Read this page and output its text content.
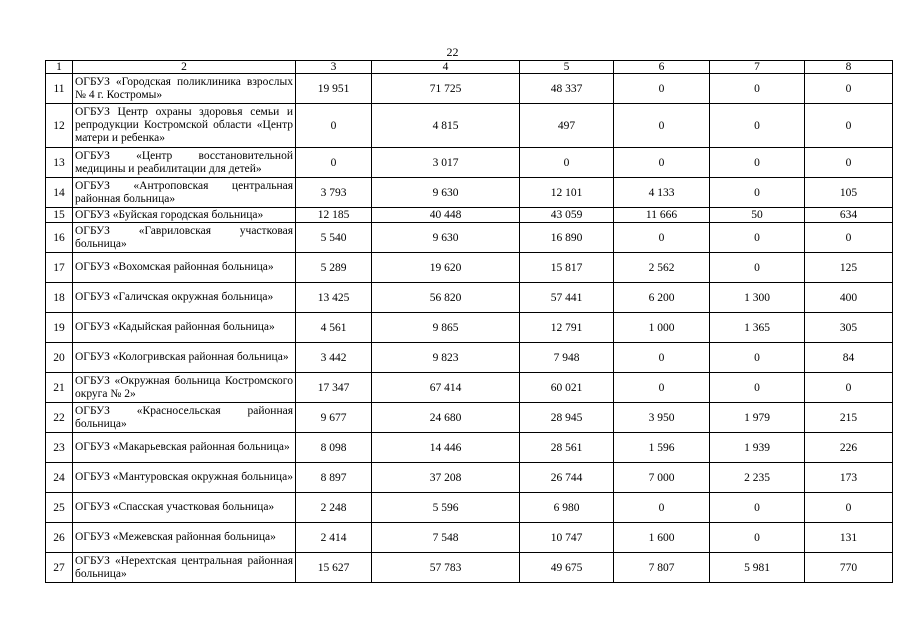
22
1	2	3	4	5	6	7	8
11	ОГБУЗ «Городская поликлиника взрослых № 4 г. Костромы»	19 951	71 725	48 337	0	0	0
12	ОГБУЗ Центр охраны здоровья семьи и репродукции Костромской области «Центр матери и ребенка»	0	4 815	497	0	0	0
13	ОГБУЗ «Центр восстановительной медицины и реабилитации для детей»	0	3 017	0	0	0	0
14	ОГБУЗ «Антроповская центральная районная больница»	3 793	9 630	12 101	4 133	0	105
15	ОГБУЗ «Буйская городская больница»	12 185	40 448	43 059	11 666	50	634
16	ОГБУЗ «Гавриловская участковая больница»	5 540	9 630	16 890	0	0	0
17	ОГБУЗ «Вохомская районная больница»	5 289	19 620	15 817	2 562	0	125
18	ОГБУЗ «Галичская окружная больница»	13 425	56 820	57 441	6 200	1 300	400
19	ОГБУЗ «Кадыйская районная больница»	4 561	9 865	12 791	1 000	1 365	305
20	ОГБУЗ «Кологривская районная больница»	3 442	9 823	7 948	0	0	84
21	ОГБУЗ «Окружная больница Костромского округа № 2»	17 347	67 414	60 021	0	0	0
22	ОГБУЗ «Красносельская районная больница»	9 677	24 680	28 945	3 950	1 979	215
23	ОГБУЗ «Макарьевская районная больница»	8 098	14 446	28 561	1 596	1 939	226
24	ОГБУЗ «Мантуровская окружная больница»	8 897	37 208	26 744	7 000	2 235	173
25	ОГБУЗ «Спасская участковая больница»	2 248	5 596	6 980	0	0	0
26	ОГБУЗ «Межевская районная больница»	2 414	7 548	10 747	1 600	0	131
27	ОГБУЗ «Нерехтская центральная районная больница»	15 627	57 783	49 675	7 807	5 981	770
